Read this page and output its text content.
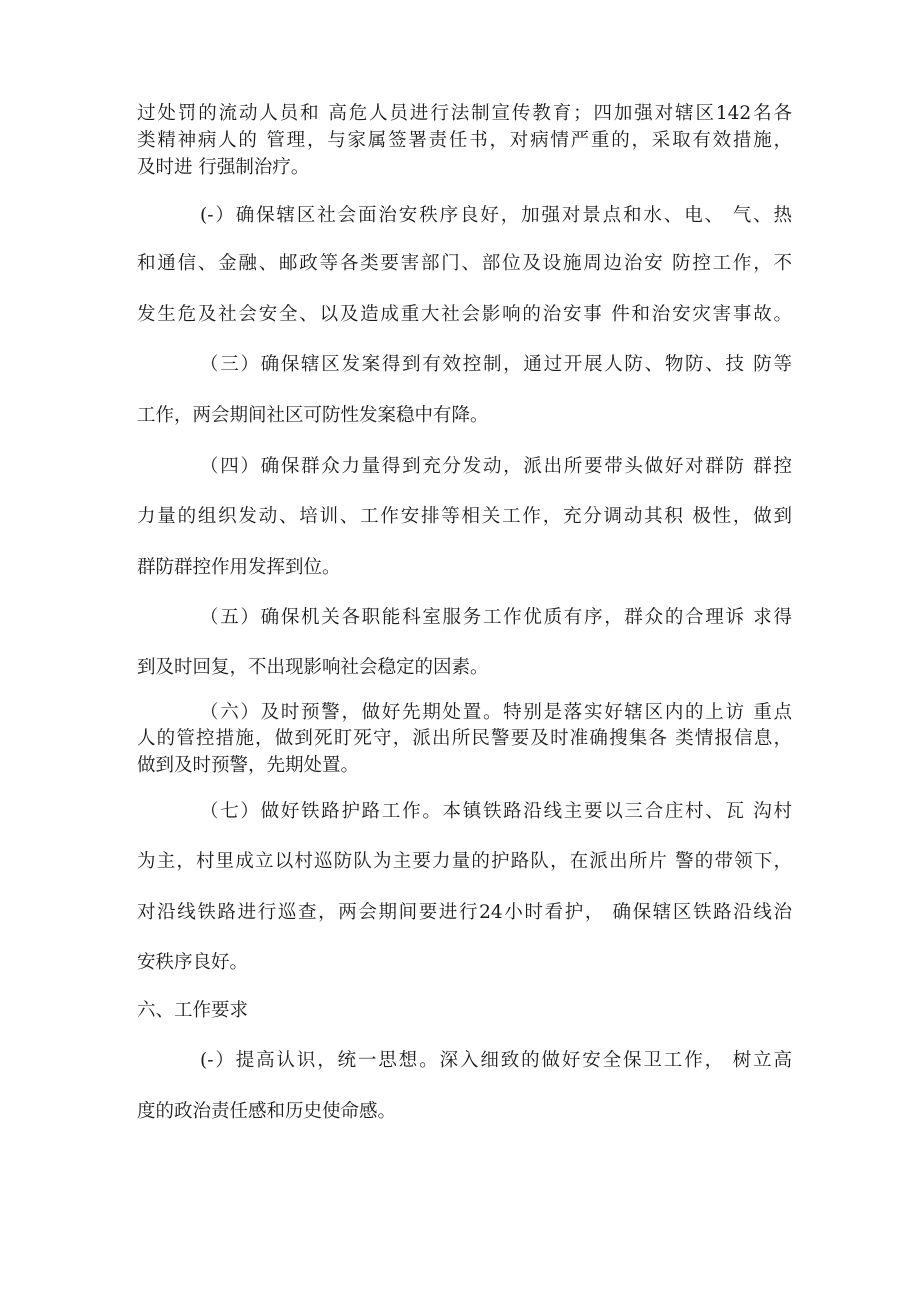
过处罚的流动人员和 高危人员进行法制宣传教育；四加强对辖区142名各
类精神病人的 管理，与家属签署责任书，对病情严重的，采取有效措施，
及时进 行强制治疗。
(-）确保辖区社会面治安秩序良好，加强对景点和水、电、 气、热
和通信、金融、邮政等各类要害部门、部位及设施周边治安 防控工作，不
发生危及社会安全、以及造成重大社会影响的治安事 件和治安灾害事故。
（三）确保辖区发案得到有效控制，通过开展人防、物防、技 防等
工作，两会期间社区可防性发案稳中有降。
（四）确保群众力量得到充分发动，派出所要带头做好对群防 群控
力量的组织发动、培训、工作安排等相关工作，充分调动其积 极性，做到
群防群控作用发挥到位。
（五）确保机关各职能科室服务工作优质有序，群众的合理诉 求得
到及时回复，不出现影响社会稳定的因素。
（六）及时预警，做好先期处置。特别是落实好辖区内的上访 重点
人的管控措施，做到死盯死守，派出所民警要及时准确搜集各 类情报信息，
做到及时预警，先期处置。
（七）做好铁路护路工作。本镇铁路沿线主要以三合庄村、瓦 沟村
为主，村里成立以村巡防队为主要力量的护路队，在派出所片 警的带领下，
对沿线铁路进行巡查，两会期间要进行24小时看护， 确保辖区铁路沿线治
安秩序良好。
六、工作要求
(-）提高认识，统一思想。深入细致的做好安全保卫工作， 树立高
度的政治责任感和历史使命感。
